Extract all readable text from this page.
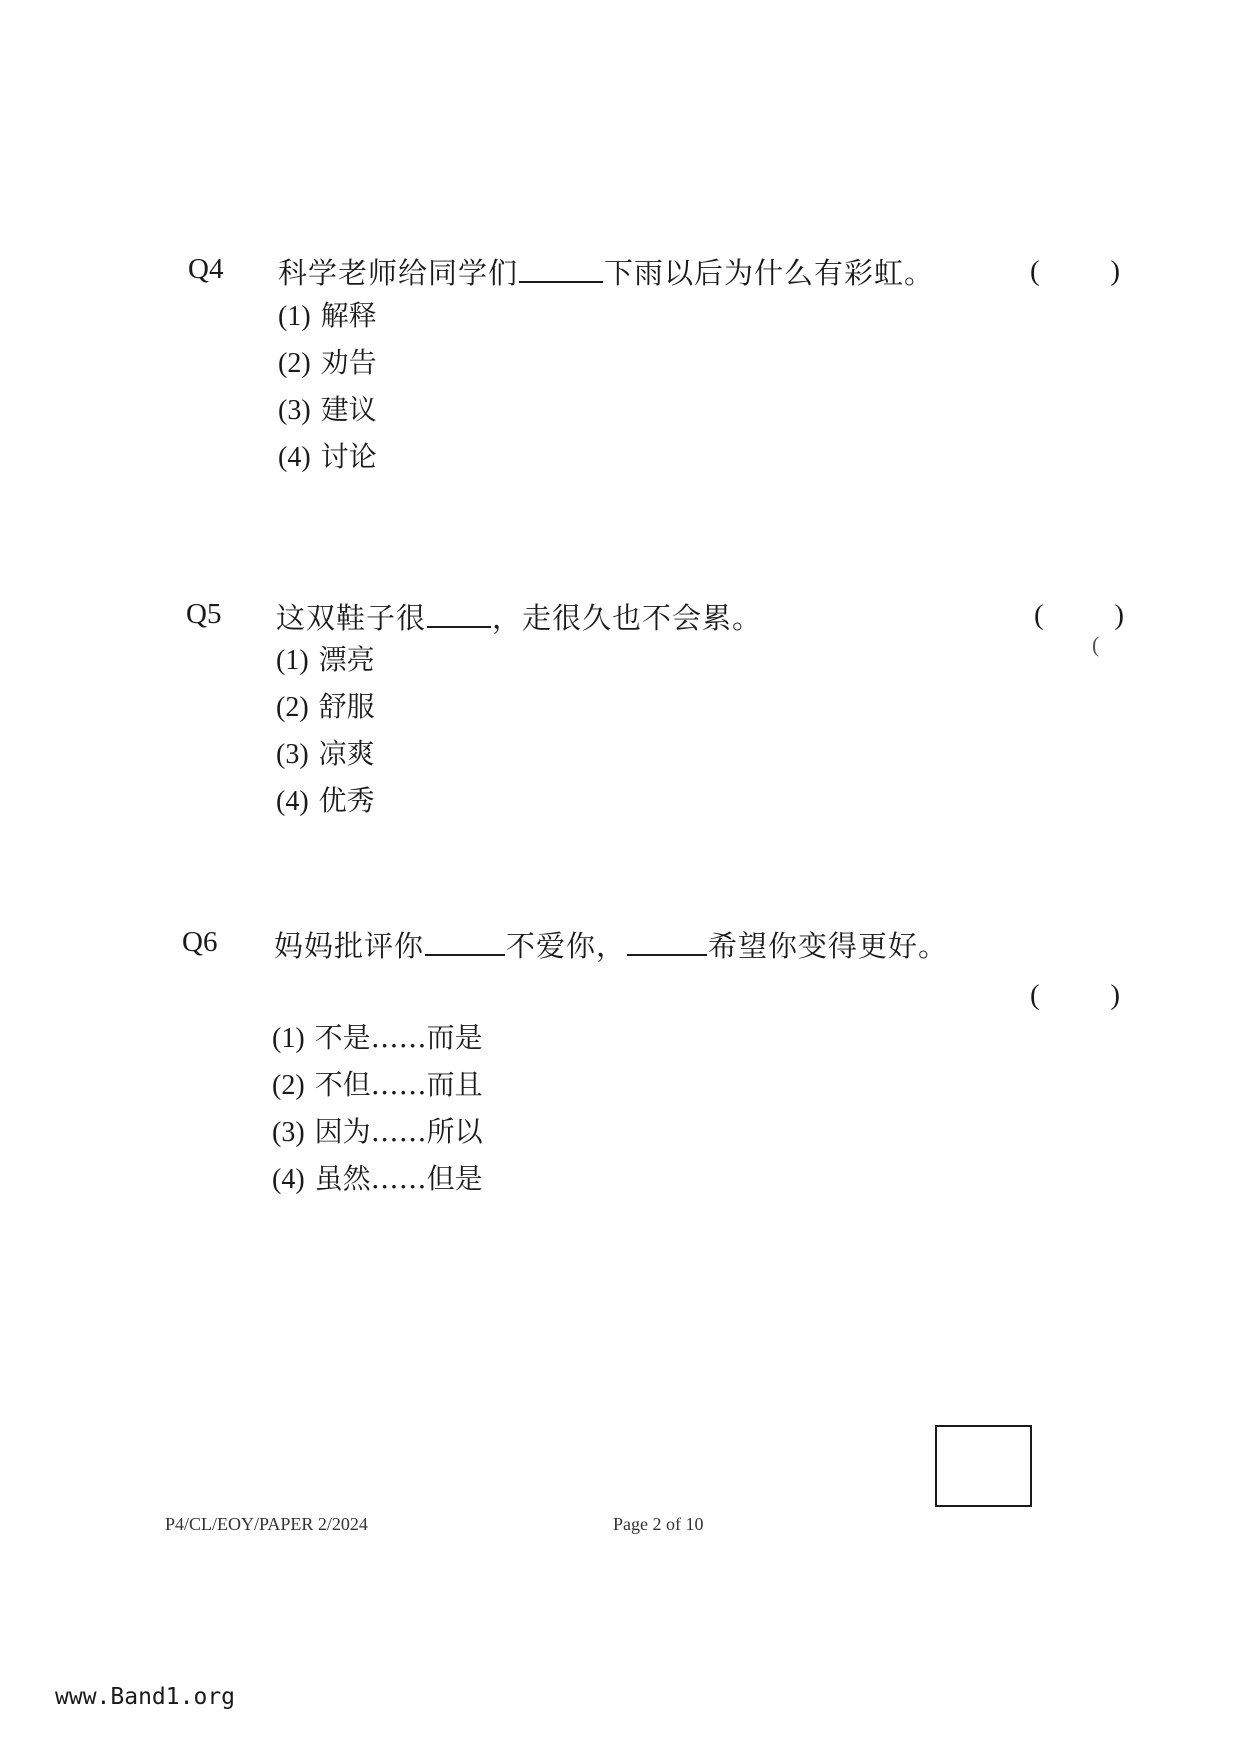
Q4 科学老师给同学们	下雨以后为什么有彩虹。	( )
(1) 解释
(2) 劝告
(3) 建议
(4) 讨论
Q5 这双鞋子很 ，走很久也不会累。	( )
(
(1) 漂亮
(2) 舒服
(3) 凉爽
(4) 优秀
Q6 妈妈批评你	不爱你，	希望你变得更好。
( )
(1) 不是……而是
(2) 不但……而且
(3) 因为……所以
(4) 虽然……但是
P4/CL/EOY/PAPER 2/2024	Page 2 of 10
www.Band1.org
